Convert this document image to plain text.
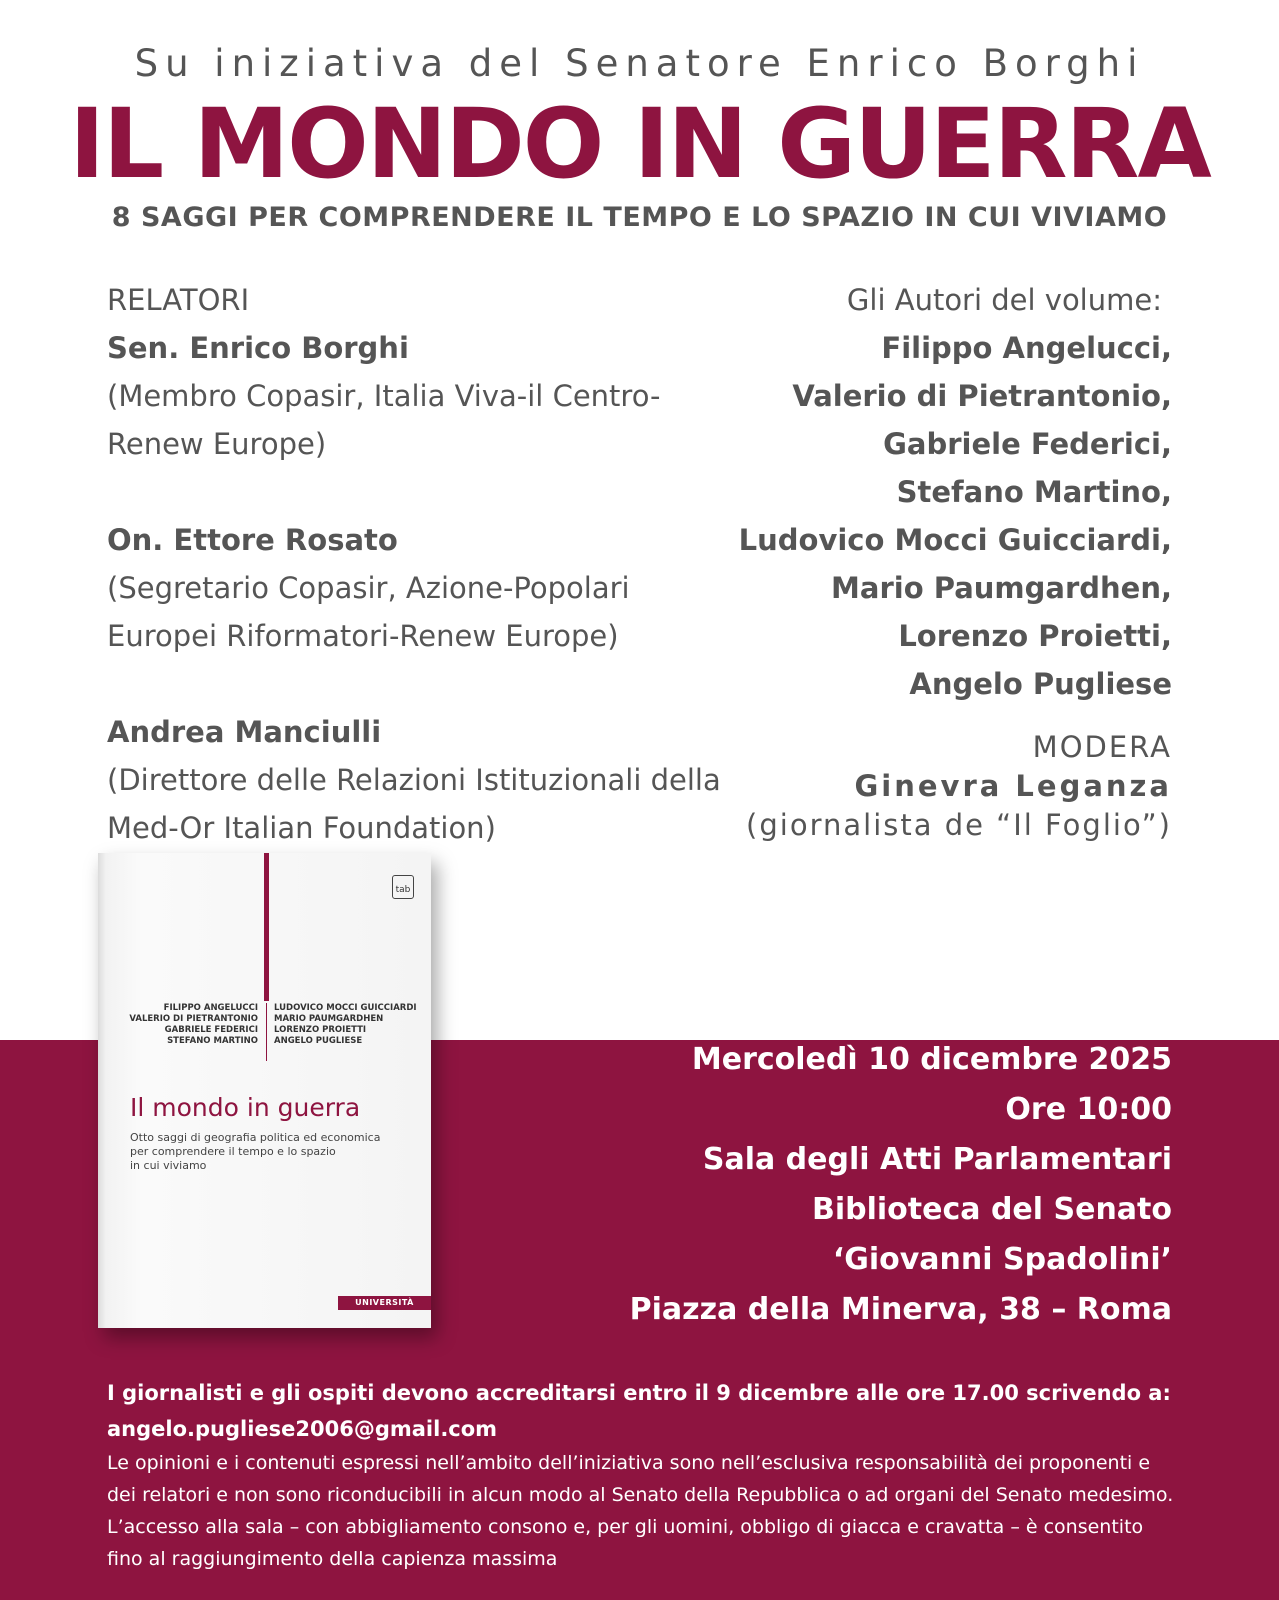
Su iniziativa del Senatore Enrico Borghi
IL MONDO IN GUERRA
8 SAGGI PER COMPRENDERE IL TEMPO E LO SPAZIO IN CUI VIVIAMO
RELATORI
Sen. Enrico Borghi
(Membro Copasir, Italia Viva-il Centro-
Renew Europe)
On. Ettore Rosato
(Segretario Copasir, Azione-Popolari
Europei Riformatori-Renew Europe)
Andrea Manciulli
(Direttore delle Relazioni Istituzionali della
Med-Or Italian Foundation)
Gli Autori del volume:
Filippo Angelucci,
Valerio di Pietrantonio,
Gabriele Federici,
Stefano Martino,
Ludovico Mocci Guicciardi,
Mario Paumgardhen,
Lorenzo Proietti,
Angelo Pugliese
MODERA
Ginevra Leganza
(giornalista de “Il Foglio”)
tab
FILIPPO ANGELUCCI
VALERIO DI PIETRANTONIO
GABRIELE FEDERICI
STEFANO MARTINO
LUDOVICO MOCCI GUICCIARDI
MARIO PAUMGARDHEN
LORENZO PROIETTI
ANGELO PUGLIESE
Il mondo in guerra
Otto saggi di geografia politica ed economica
per comprendere il tempo e lo spazio
in cui viviamo
UNIVERSITÀ
Mercoledì 10 dicembre 2025
Ore 10:00
Sala degli Atti Parlamentari
Biblioteca del Senato
‘Giovanni Spadolini’
Piazza della Minerva, 38 – Roma
I giornalisti e gli ospiti devono accreditarsi entro il 9 dicembre alle ore 17.00 scrivendo a:
angelo.pugliese2006@gmail.com
Le opinioni e i contenuti espressi nell’ambito dell’iniziativa sono nell’esclusiva responsabilità dei proponenti e dei relatori e non sono riconducibili in alcun modo al Senato della Repubblica o ad organi del Senato medesimo. L’accesso alla sala – con abbigliamento consono e, per gli uomini, obbligo di giacca e cravatta – è consentito fino al raggiungimento della capienza massima
